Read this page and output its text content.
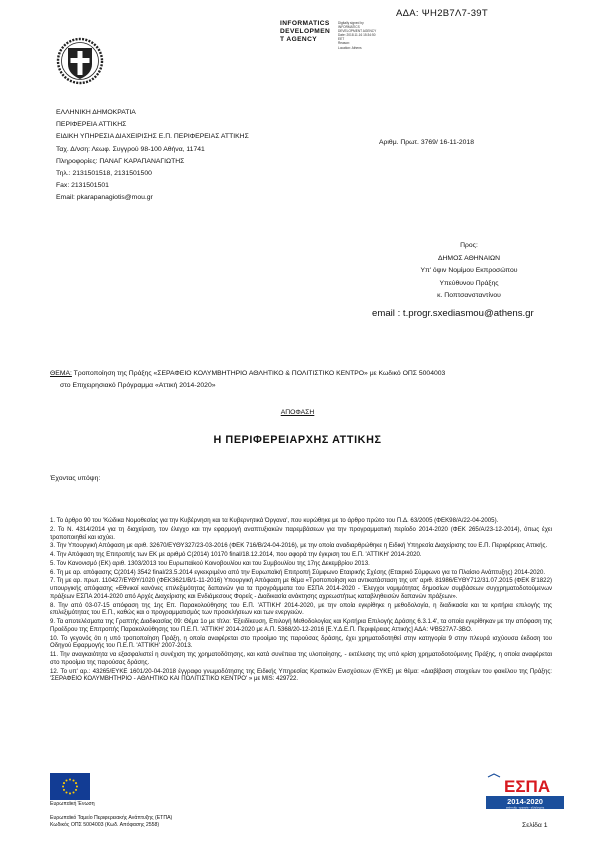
ΑΔΑ: ΨΗ2Β7Λ7-39Τ
INFORMATICS
DEVELOPMEN
T AGENCY
Digitally signed by
INFORMATICS
DEVELOPMENT AGENCY
Date: 2018.11.16 15:34:50
EET
Reason:
Location: Athens
ΕΛΛΗΝΙΚΗ ΔΗΜΟΚΡΑΤΙΑ
ΠΕΡΙΦΕΡΕΙΑ ΑΤΤΙΚΗΣ
ΕΙΔΙΚΗ ΥΠΗΡΕΣΙΑ ΔΙΑΧΕΙΡΙΣΗΣ Ε.Π. ΠΕΡΙΦΕΡΕΙΑΣ ΑΤΤΙΚΗΣ
Ταχ. Δ/νση: Λεωφ. Συγγρού 98-100 Αθήνα, 11741
Πληροφορίες: ΠΑΝΑΓ ΚΑΡΑΠΑΝΑΓΙΩΤΗΣ
Τηλ.: 2131501518, 2131501500
Fax: 2131501501
Email: pkarapanagiotis@mou.gr
Αριθμ. Πρωτ. 3769/ 16-11-2018
Προς:
ΔΗΜΟΣ ΑΘΗΝΑΙΩΝ
Υπ' όψιν Νομίμου Εκπροσώπου
Υπεύθυνου Πράξης
κ. Ποπτσανσταντίνου
email : t.progr.sxediasmou@athens.gr
ΘΕΜΑ: Τροποποίηση της Πράξης «ΣΕΡΑΦΕΙΟ ΚΟΛΥΜΒΗΤΗΡΙΟ ΑΘΛΗΤΙΚΟ & ΠΟΛΙΤΙΣΤΙΚΟ ΚΕΝΤΡΟ» με Κωδικό ΟΠΣ 5004003
στο Επιχειρησιακό Πρόγραμμα «Αττική 2014-2020»
ΑΠΟΦΑΣΗ
Η ΠΕΡΙΦΕΡΕΙΑΡΧΗΣ ΑΤΤΙΚΗΣ
Έχοντας υπόψη:

1. Το άρθρο 90 του 'Κώδικα Νομοθεσίας για την Κυβέρνηση και τα Κυβερνητικά Όργανα', που κυρώθηκε με το άρθρο πρώτο του Π.Δ. 63/2005 (ΦΕΚ98/Α/22-04-2005).

2. Το Ν. 4314/2014 για τη διαχείριση, τον έλεγχο και την εφαρμογή αναπτυξιακών παρεμβάσεων για την προγραμματική περίοδο 2014-2020 (ΦΕΚ 265/Α/23-12-2014), όπως έχει τροποποιηθεί και ισχύει.

3. Την Υπουργική Απόφαση με αριθ. 32670/ΕΥΘΥ327/23-03-2016 (ΦΕΚ 716/Β/24-04-2016), με την οποία αναδιαρθρώθηκε η Ειδική Υπηρεσία Διαχείρισης του Ε.Π. Περιφέρειας Αττικής.

4. Την Απόφαση της Επιτροπής των ΕΚ με αριθμό C(2014) 10170 final/18.12.2014, που αφορά την έγκριση του Ε.Π. 'ΑΤΤΙΚΗ' 2014-2020.

5. Τον Κανονισμό (ΕΚ) αριθ. 1303/2013 του Ευρωπαϊκού Κοινοβουλίου και του Συμβουλίου της 17ης Δεκεμβρίου 2013.

6. Τη με αρ. απόφασης C(2014) 3542 final/23.5.2014 εγκεκριμένο από την Ευρωπαϊκή Επιτροπή Σύμφωνο Εταιρικής Σχέσης (Εταιρικό Σύμφωνο για το Πλαίσιο Ανάπτυξης) 2014-2020.

7. Τη με αρ. πρωτ. 110427/ΕΥΘΥ/1020 (ΦΕΚ3621/Β/1-11-2016) Υπουργική Απόφαση με θέμα «Τροποποίηση και αντικατάσταση της υπ' αριθ. 81986/ΕΥΘΥ712/31.07.2015 (ΦΕΚ Β'1822) υπουργικής απόφασης «Εθνικοί κανόνες επιλεξιμότητας δαπανών για τα προγράμματα του ΕΣΠΑ 2014-2020 - Έλεγχοι νομιμότητας δημοσίων συμβάσεων συγχρηματοδοτούμενων πράξεων ΕΣΠΑ 2014-2020 από Αρχές Διαχείρισης και Ενδιάμεσους Φορείς - Διαδικασία ανάκτησης αχρεωστήτως καταβληθεισών δαπανών πράξεων».

8. Την από 03-07-15 απόφαση της 1ης Επ. Παρακολούθησης του Ε.Π. 'ΑΤΤΙΚΗ' 2014-2020, με την οποία εγκρίθηκε η μεθοδολογία, η διαδικασία και τα κριτήρια επιλογής της επιλεξιμότητας του Ε.Π., καθώς και ο προγραμματισμός των προσκλήσεων και των ενεργειών.

9. Τα αποτελέσματα της Γραπτής Διαδικασίας 09: Θέμα 1ο με τίτλο: 'Εξειδίκευση, Επιλογή Μεθοδολογίας και Κριτήρια Επιλογής Δράσης 6.3.1.4', τα οποία εγκρίθηκαν με την απόφαση της Προέδρου της Επιτροπής Παρακολούθησης του Π.Ε.Π. 'ΑΤΤΙΚΗ' 2014-2020 με Α.Π. 5368/20-12-2016 [Ε.Υ.Δ.Ε.Π. Περιφέρειας Αττικής] ΑΔΑ: ΨΒ527Λ7-3ΒΟ.

10. Το γεγονός ότι η υπό τροποποίηση Πράξη, η οποία αναφέρεται στο προοίμιο της παρούσας δράσης, έχει χρηματοδοτηθεί στην κατηγορία 9 στην πλευρά ισχύουσα έκδοση του Οδηγού Εφαρμογής του Π.Ε.Π. 'ΑΤΤΙΚΗ' 2007-2013.

11. Την αναγκαιότητα να εξασφαλιστεί η συνέχιση της χρηματοδότησης, και κατά συνέπεια της υλοποίησης, - εκτέλεσης της υπό κρίση χρηματοδοτούμενης Πράξης, η οποία αναφέρεται στο προοίμιο της παρούσας δράσης.

12. Το υπ' αρ.: 43265/ΕΥΚΕ 1601/20-04-2018 έγγραφο γνωμοδότησης της Ειδικής Υπηρεσίας Κρατικών Ενισχύσεων (ΕΥΚΕ) με θέμα: «Διαβίβαση στοιχείων του φακέλου της Πράξης: 'ΣΕΡΑΦΕΙΟ ΚΟΛΥΜΒΗΤΗΡΙΟ - ΑΘΛΗΤΙΚΟ ΚΑΙ ΠΟΛΙΤΙΣΤΙΚΟ ΚΕΝΤΡΟ' » με MIS: 429722.

Ευρωπαϊκή Ένωση
Ευρωπαϊκό Ταμείο Περιφερειακής Ανάπτυξης (ΕΤΠΑ)
Κωδικός ΟΠΣ 5004003 (Κωδ. Απόφασης 2558)
ΕΣΠΑ
2014-2020
ανάπτυξη - εργασία - αλληλεγγύη
Σελίδα 1
